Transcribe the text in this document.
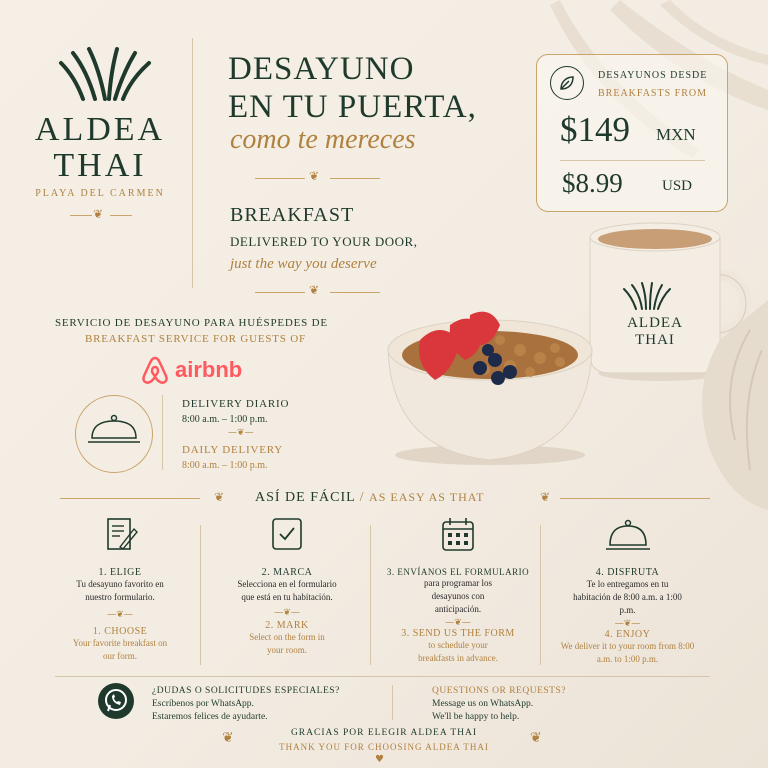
ALDEA
THAI
PLAYA DEL CARMEN
❦
DESAYUNO
EN TU PUERTA,
como te mereces
❦
BREAKFAST
DELIVERED TO YOUR DOOR,
just the way you deserve
❦
DESAYUNOS DESDE
BREAKFASTS FROM
$149 MXN
$8.99	USD
ALDEA
THAI
SERVICIO DE DESAYUNO PARA HUÉSPEDES DE
BREAKFAST SERVICE FOR GUESTS OF
airbnb
DELIVERY DIARIO
8:00 a.m. – 1:00 p.m.
—❦—
DAILY DELIVERY
8:00 a.m. – 1:00 p.m.
❦ ASÍ DE FÁCIL / AS EASY AS THAT	❦
1. ELIGE
Tu desayuno favorito en nuestro formulario.
—❦—
1. CHOOSE
Your favorite breakfast on our form.
2. MARCA
Selecciona en el formulario que está en tu habitación.
—❦—
2. MARK
Select on the form in your room.
3. ENVÍANOS EL FORMULARIO
para programar los desayunos con anticipación.
—❦—
3. SEND US THE FORM
to schedule your breakfasts in advance.
4. DISFRUTA
Te lo entregamos en tu habitación de 8:00 a.m. a 1:00 p.m.
—❦—
4. ENJOY
We deliver it to your room from 8:00 a.m. to 1:00 p.m.
¿DUDAS O SOLICITUDES ESPECIALES?
Escríbenos por WhatsApp.
Estaremos felices de ayudarte.
QUESTIONS OR REQUESTS?
Message us on WhatsApp.
We'll be happy to help.
❦	GRACIAS POR ELEGIR ALDEA THAI
THANK YOU FOR CHOOSING ALDEA THAI
❦
♥
